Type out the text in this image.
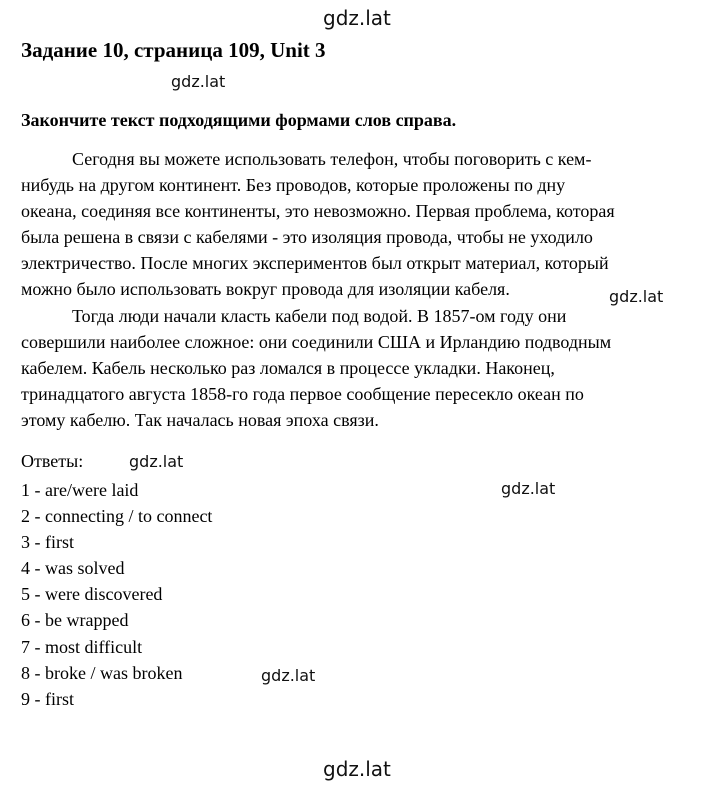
gdz.lat
gdz.lat
gdz.lat
gdz.lat
gdz.lat
gdz.lat
gdz.lat
Задание 10, страница 109, Unit 3

Закончите текст подходящими формами слов справа.

Сегодня вы можете использовать телефон, чтобы поговорить с кем-
нибудь на другом континент. Без проводов, которые проложены по дну
океана, соединяя все континенты, это невозможно. Первая проблема, которая
была решена в связи с кабелями - это изоляция провода, чтобы не уходило
электричество. После многих экспериментов был открыт материал, который
можно было использовать вокруг провода для изоляции кабеля.
Тогда люди начали класть кабели под водой. В 1857-ом году они
совершили наиболее сложное: они соединили США и Ирландию подводным
кабелем. Кабель несколько раз ломался в процессе укладки. Наконец,
тринадцатого августа 1858-го года первое сообщение пересекло океан по
этому кабелю. Так началась новая эпоха связи.

Ответы:

1 - are/were laid
2 - connecting / to connect
3 - first
4 - was solved
5 - were discovered
6 - be wrapped
7 - most difficult
8 - broke / was broken
9 - first
